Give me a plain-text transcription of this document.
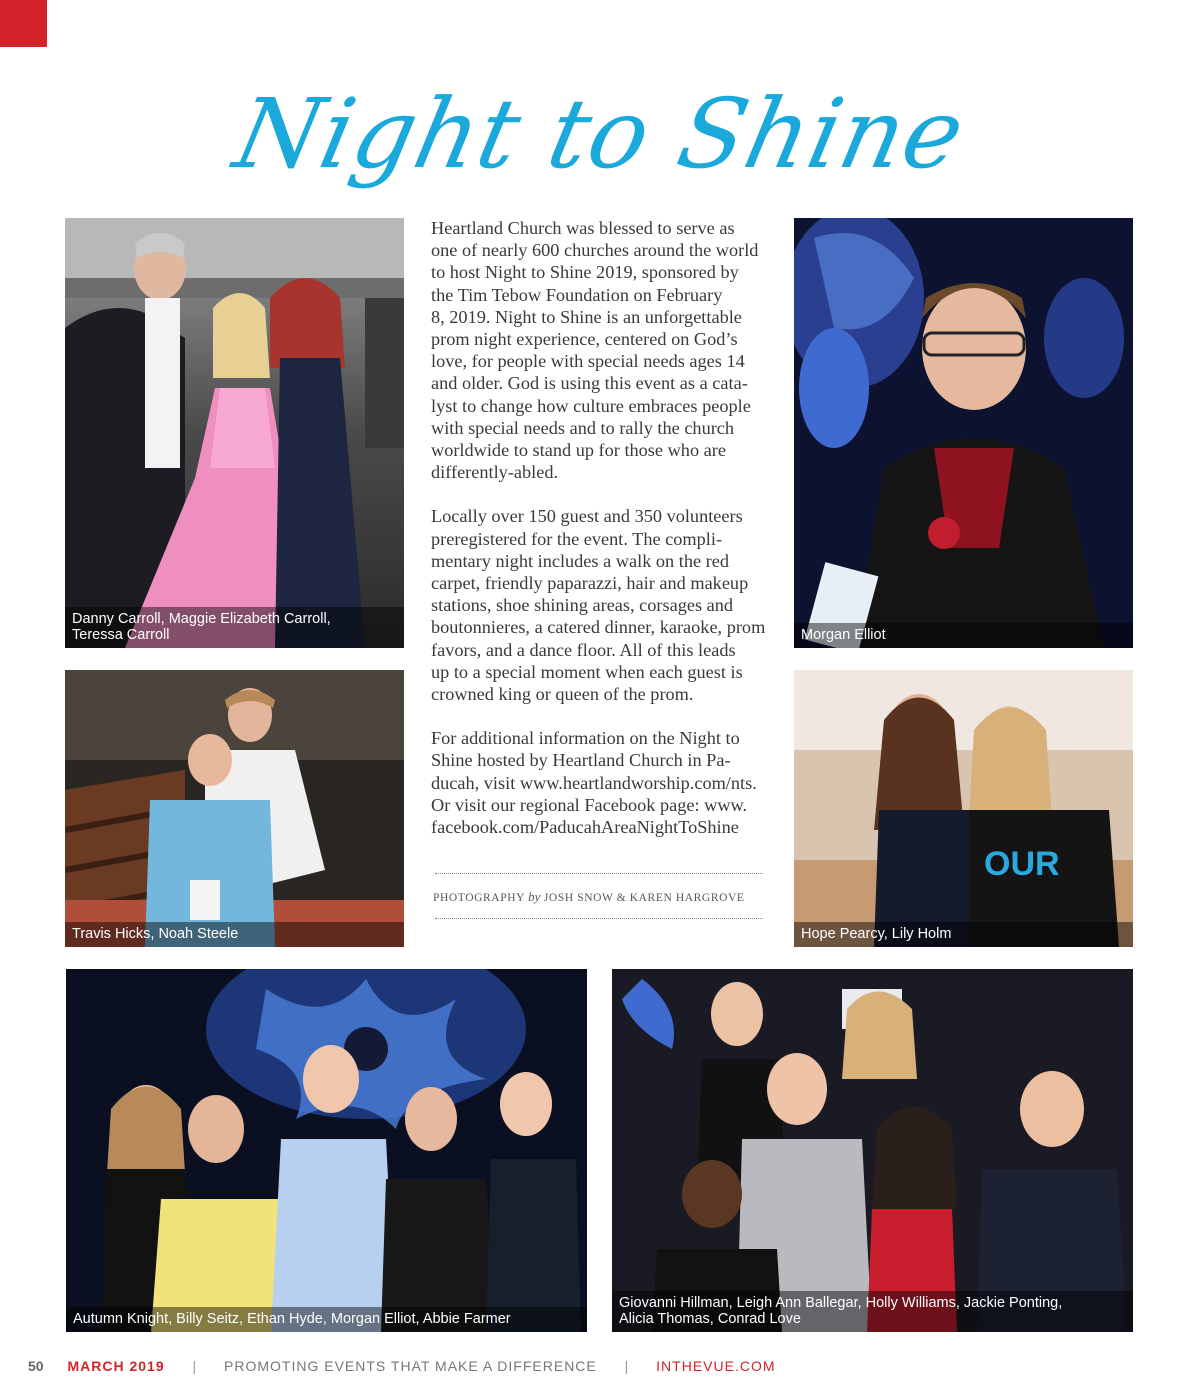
Night to Shine
Danny Carroll, Maggie Elizabeth Carroll,
Teressa Carroll	Morgan Elliot
Travis Hicks, Noah Steele
OUR
Hope Pearcy, Lily Holm
Autumn Knight, Billy Seitz, Ethan Hyde, Morgan Elliot, Abbie Farmer
Giovanni Hillman, Leigh Ann Ballegar, Holly Williams, Jackie Ponting,
Alicia Thomas, Conrad Love

Heartland Church was blessed to serve as
one of nearly 600 churches around the world
to host Night to Shine 2019, sponsored by
the Tim Tebow Foundation on February
8, 2019. Night to Shine is an unforgettable
prom night experience, centered on God’s
love, for people with special needs ages 14
and older. God is using this event as a cata-
lyst to change how culture embraces people
with special needs and to rally the church
worldwide to stand up for those who are
differently-abled.

Locally over 150 guest and 350 volunteers
preregistered for the event. The compli-
mentary night includes a walk on the red
carpet, friendly paparazzi, hair and makeup
stations, shoe shining areas, corsages and
boutonnieres, a catered dinner, karaoke, prom
favors, and a dance floor. All of this leads
up to a special moment when each guest is
crowned king or queen of the prom.

For additional information on the Night to
Shine hosted by Heartland Church in Pa-
ducah, visit www.heartlandworship.com/nts.
Or visit our regional Facebook page: www.
facebook.com/PaducahAreaNightToShine

PHOTOGRAPHY by JOSH SNOW & KAREN HARGROVE
50 MARCH 2019 | PROMOTING EVENTS THAT MAKE A DIFFERENCE | INTHEVUE.COM
